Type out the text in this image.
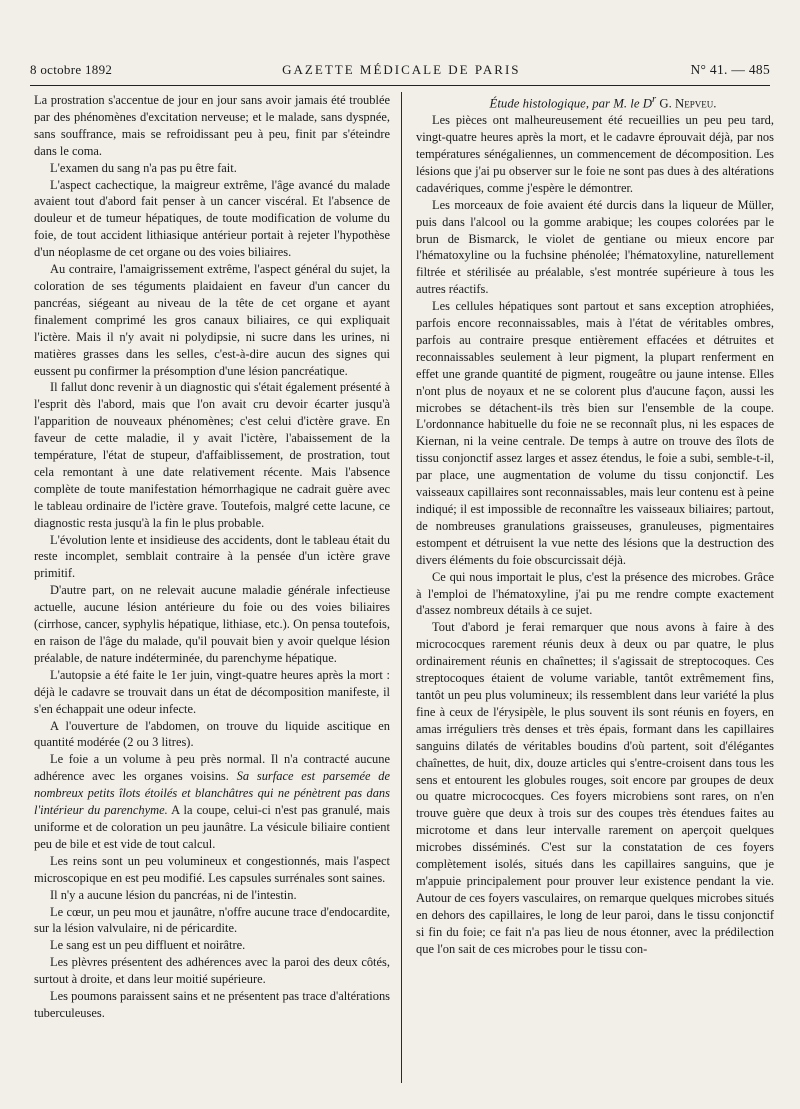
8 octobre 1892	GAZETTE MÉDICALE DE PARIS	N° 41. — 485

La prostration s'accentue de jour en jour sans avoir jamais été troublée par des phénomènes d'excitation nerveuse; et le malade, sans dyspnée, sans souffrance, mais se refroidissant peu à peu, finit par s'éteindre dans le coma.

L'examen du sang n'a pas pu être fait.

L'aspect cachectique, la maigreur extrême, l'âge avancé du malade avaient tout d'abord fait penser à un cancer viscéral. Et l'absence de douleur et de tumeur hépatiques, de toute modification de volume du foie, de tout accident lithiasique antérieur portait à rejeter l'hypothèse d'un néoplasme de cet organe ou des voies biliaires.

Au contraire, l'amaigrissement extrême, l'aspect général du sujet, la coloration de ses téguments plaidaient en faveur d'un cancer du pancréas, siégeant au niveau de la tête de cet organe et ayant finalement comprimé les gros canaux biliaires, ce qui expliquait l'ictère. Mais il n'y avait ni polydipsie, ni sucre dans les urines, ni matières grasses dans les selles, c'est-à-dire aucun des signes qui eussent pu confirmer la présomption d'une lésion pancréatique.

Il fallut donc revenir à un diagnostic qui s'était également présenté à l'esprit dès l'abord, mais que l'on avait cru devoir écarter jusqu'à l'apparition de nouveaux phénomènes; c'est celui d'ictère grave. En faveur de cette maladie, il y avait l'ictère, l'abaissement de la température, l'état de stupeur, d'affaiblissement, de prostration, tout cela remontant à une date relativement récente. Mais l'absence complète de toute manifestation hémorrhagique ne cadrait guère avec le tableau ordinaire de l'ictère grave. Toutefois, malgré cette lacune, ce diagnostic resta jusqu'à la fin le plus probable.

L'évolution lente et insidieuse des accidents, dont le tableau était du reste incomplet, semblait contraire à la pensée d'un ictère grave primitif.

D'autre part, on ne relevait aucune maladie générale infectieuse actuelle, aucune lésion antérieure du foie ou des voies biliaires (cirrhose, cancer, syphylis hépatique, lithiase, etc.). On pensa toutefois, en raison de l'âge du malade, qu'il pouvait bien y avoir quelque lésion préalable, de nature indéterminée, du parenchyme hépatique.

L'autopsie a été faite le 1er juin, vingt-quatre heures après la mort : déjà le cadavre se trouvait dans un état de décomposition manifeste, il s'en échappait une odeur infecte.

A l'ouverture de l'abdomen, on trouve du liquide ascitique en quantité modérée (2 ou 3 litres).

Le foie a un volume à peu près normal. Il n'a contracté aucune adhérence avec les organes voisins. Sa surface est parsemée de nombreux petits îlots étoilés et blanchâtres qui ne pénètrent pas dans l'intérieur du parenchyme. A la coupe, celui-ci n'est pas granulé, mais uniforme et de coloration un peu jaunâtre. La vésicule biliaire contient peu de bile et est vide de tout calcul.

Les reins sont un peu volumineux et congestionnés, mais l'aspect microscopique en est peu modifié. Les capsules surrénales sont saines.

Il n'y a aucune lésion du pancréas, ni de l'intestin.

Le cœur, un peu mou et jaunâtre, n'offre aucune trace d'endocardite, sur la lésion valvulaire, ni de péricardite.

Le sang est un peu diffluent et noirâtre.

Les plèvres présentent des adhérences avec la paroi des deux côtés, surtout à droite, et dans leur moitié supérieure.

Les poumons paraissent sains et ne présentent pas trace d'altérations tuberculeuses.

Étude histologique, par M. le $D^r$ G. Nepveu.

Les pièces ont malheureusement été recueillies un peu peu tard, vingt-quatre heures après la mort, et le cadavre éprouvait déjà, par nos températures sénégaliennes, un commencement de décomposition. Les lésions que j'ai pu observer sur le foie ne sont pas dues à des altérations cadavériques, comme j'espère le démontrer.

Les morceaux de foie avaient été durcis dans la liqueur de Müller, puis dans l'alcool ou la gomme arabique; les coupes colorées par le brun de Bismarck, le violet de gentiane ou mieux encore par l'hématoxyline ou la fuchsine phénolée; l'hématoxyline, naturellement filtrée et stérilisée au préalable, s'est montrée supérieure à tous les autres réactifs.

Les cellules hépatiques sont partout et sans exception atrophiées, parfois encore reconnaissables, mais à l'état de véritables ombres, parfois au contraire presque entièrement effacées et détruites et reconnaissables seulement à leur pigment, la plupart renferment en effet une grande quantité de pigment, rougeâtre ou jaune intense. Elles n'ont plus de noyaux et ne se colorent plus d'aucune façon, aussi les microbes se détachent-ils très bien sur l'ensemble de la coupe. L'ordonnance habituelle du foie ne se reconnaît plus, ni les espaces de Kiernan, ni la veine centrale. De temps à autre on trouve des îlots de tissu conjonctif assez larges et assez étendus, le foie a subi, semble-t-il, par place, une augmentation de volume du tissu conjonctif. Les vaisseaux capillaires sont reconnaissables, mais leur contenu est à peine indiqué; il est impossible de reconnaître les vaisseaux biliaires; partout, de nombreuses granulations graisseuses, granuleuses, pigmentaires estompent et détruisent la vue nette des lésions que la destruction des divers éléments du foie obscurcissait déjà.

Ce qui nous importait le plus, c'est la présence des microbes. Grâce à l'emploi de l'hématoxyline, j'ai pu me rendre compte exactement d'assez nombreux détails à ce sujet.

Tout d'abord je ferai remarquer que nous avons à faire à des micrococques rarement réunis deux à deux ou par quatre, le plus ordinairement réunis en chaînettes; il s'agissait de streptocoques. Ces streptocoques étaient de volume variable, tantôt extrêmement fins, tantôt un peu plus volumineux; ils ressemblent dans leur variété la plus fine à ceux de l'érysipèle, le plus souvent ils sont réunis en foyers, en amas irréguliers très denses et très épais, formant dans les capillaires sanguins dilatés de véritables boudins d'où partent, soit d'élégantes chaînettes, de huit, dix, douze articles qui s'entre-croisent dans tous les sens et entourent les globules rouges, soit encore par groupes de deux ou quatre micrococques. Ces foyers microbiens sont rares, on n'en trouve guère que deux à trois sur des coupes très étendues faites au microtome et dans leur intervalle rarement on aperçoit quelques microbes disséminés. C'est sur la constatation de ces foyers complètement isolés, situés dans les capillaires sanguins, que je m'appuie principalement pour prouver leur existence pendant la vie. Autour de ces foyers vasculaires, on remarque quelques microbes situés en dehors des capillaires, le long de leur paroi, dans le tissu conjonctif si fin du foie; ce fait n'a pas lieu de nous étonner, avec la prédilection que l'on sait de ces microbes pour le tissu con-
